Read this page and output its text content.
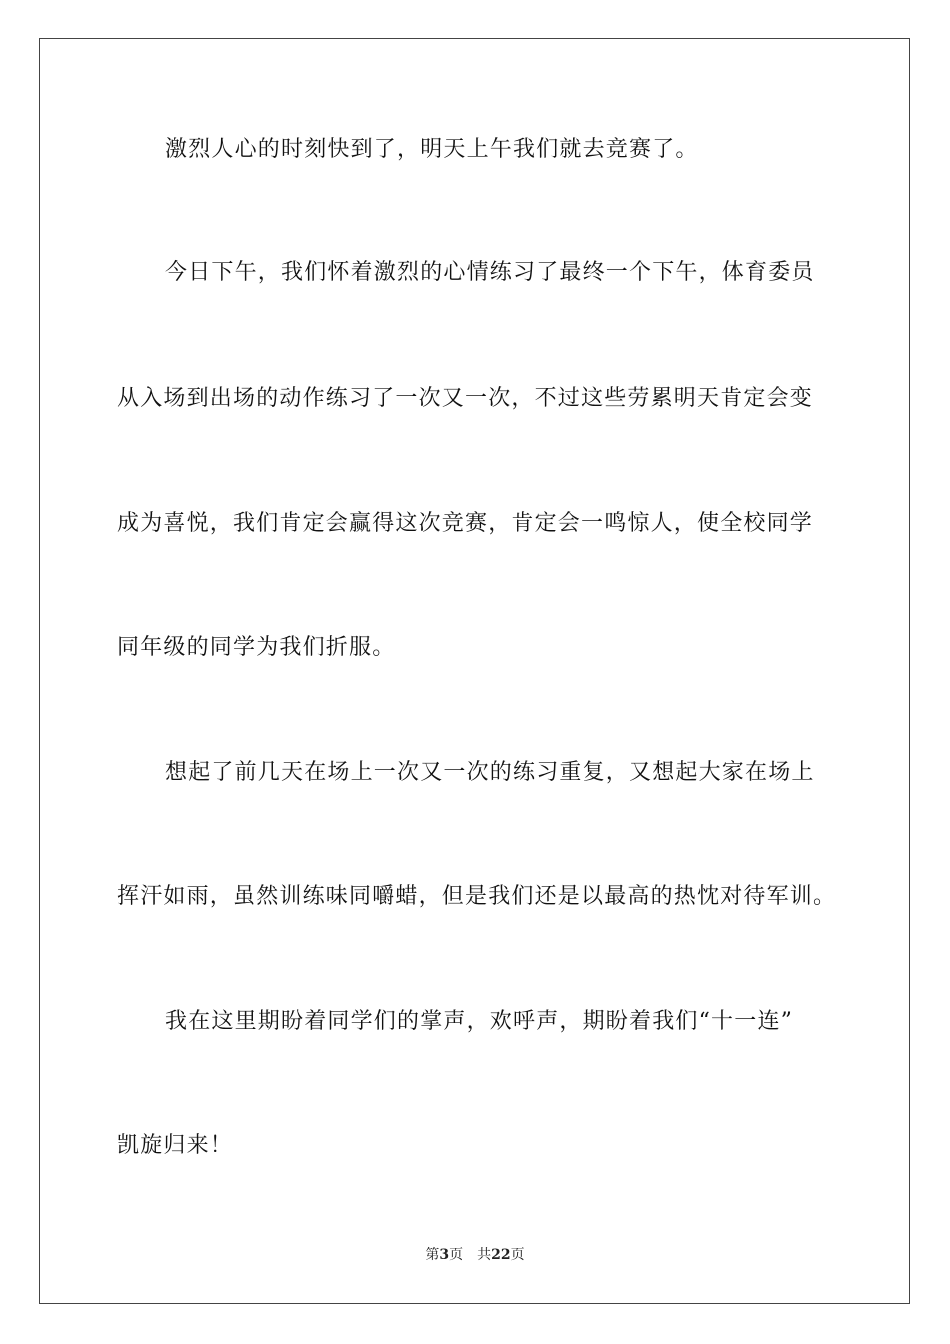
激烈人心的时刻快到了，明天上午我们就去竞赛了。
今日下午，我们怀着激烈的心情练习了最终一个下午，体育委员
从入场到出场的动作练习了一次又一次，不过这些劳累明天肯定会变
成为喜悦，我们肯定会赢得这次竞赛，肯定会一鸣惊人，使全校同学
同年级的同学为我们折服。
想起了前几天在场上一次又一次的练习重复，又想起大家在场上
挥汗如雨，虽然训练味同嚼蜡，但是我们还是以最高的热忱对待军训。
我在这里期盼着同学们的掌声，欢呼声，期盼着我们“十一连”
凯旋归来！
第3页 共22页
